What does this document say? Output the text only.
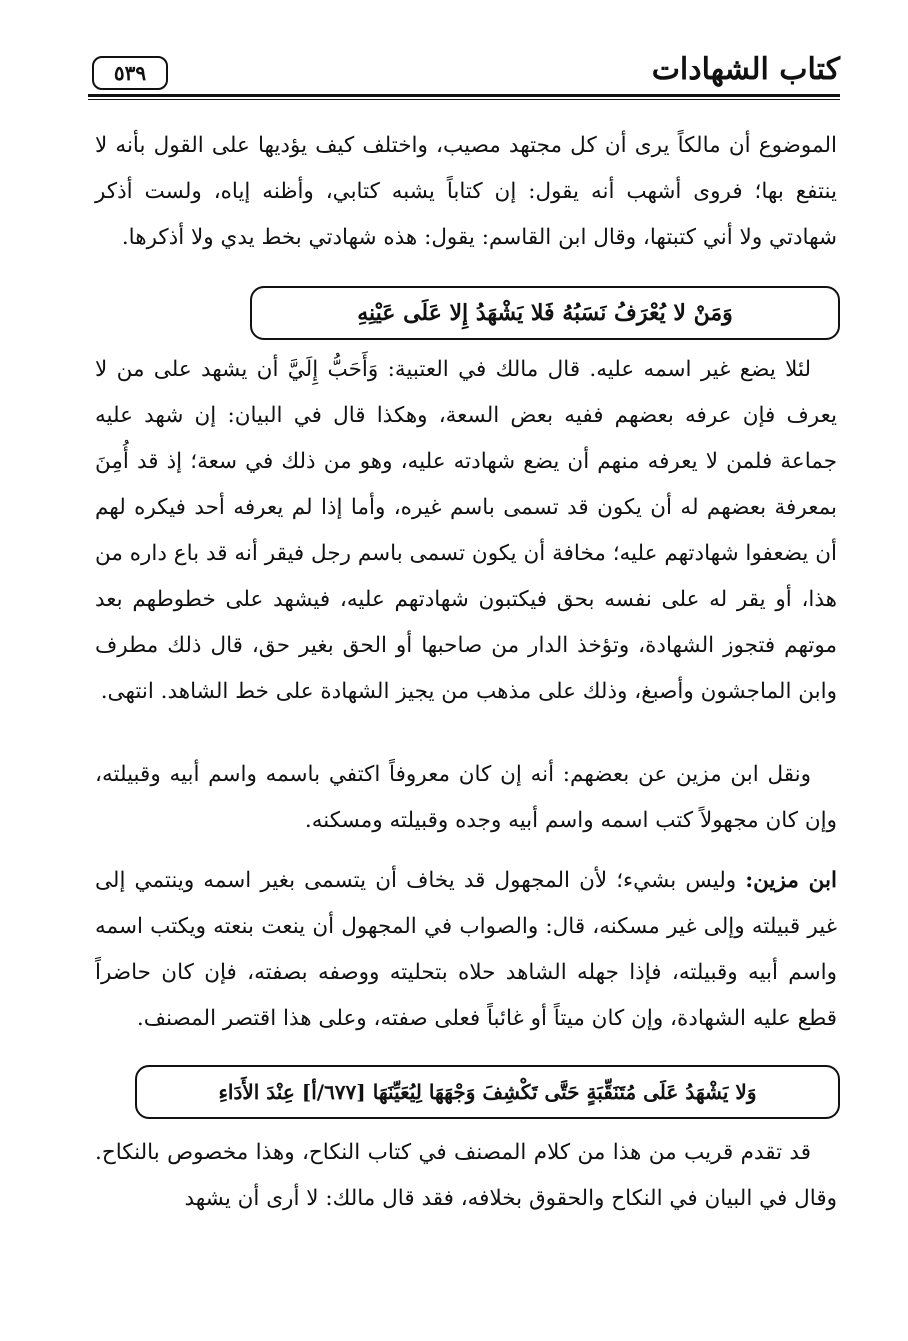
٥٣٩	كتاب الشهادات
الموضوع أن مالكاً يرى أن كل مجتهد مصيب، واختلف كيف يؤديها على القول بأنه لا ينتفع بها؛ فروى أشهب أنه يقول: إن كتاباً يشبه كتابي، وأظنه إياه، ولست أذكر شهادتي ولا أني كتبتها، وقال ابن القاسم: يقول: هذه شهادتي بخط يدي ولا أذكرها.
وَمَنْ لا يُعْرَفُ نَسَبُهُ فَلا يَشْهَدُ إِلا عَلَى عَيْنِهِ
لئلا يضع غير اسمه عليه. قال مالك في العتبية: وَأَحَبُّ إِلَيَّ أن يشهد على من لا يعرف فإن عرفه بعضهم ففيه بعض السعة، وهكذا قال في البيان: إن شهد عليه جماعة فلمن لا يعرفه منهم أن يضع شهادته عليه، وهو من ذلك في سعة؛ إذ قد أُمِنَ بمعرفة بعضهم له أن يكون قد تسمى باسم غيره، وأما إذا لم يعرفه أحد فيكره لهم أن يضعفوا شهادتهم عليه؛ مخافة أن يكون تسمى باسم رجل فيقر أنه قد باع داره من هذا، أو يقر له على نفسه بحق فيكتبون شهادتهم عليه، فيشهد على خطوطهم بعد موتهم فتجوز الشهادة، وتؤخذ الدار من صاحبها أو الحق بغير حق، قال ذلك مطرف وابن الماجشون وأصبغ، وذلك على مذهب من يجيز الشهادة على خط الشاهد. انتهى.
ونقل ابن مزين عن بعضهم: أنه إن كان معروفاً اكتفي باسمه واسم أبيه وقبيلته، وإن كان مجهولاً كتب اسمه واسم أبيه وجده وقبيلته ومسكنه.
ابن مزين: وليس بشيء؛ لأن المجهول قد يخاف أن يتسمى بغير اسمه وينتمي إلى غير قبيلته وإلى غير مسكنه، قال: والصواب في المجهول أن ينعت بنعته ويكتب اسمه واسم أبيه وقبيلته، فإذا جهله الشاهد حلاه بتحليته ووصفه بصفته، فإن كان حاضراً قطع عليه الشهادة، وإن كان ميتاً أو غائباً فعلى صفته، وعلى هذا اقتصر المصنف.
وَلا يَشْهَدُ عَلَى مُتَنَقِّبَةٍ حَتَّى تَكْشِفَ وَجْهَهَا لِيُعَيِّنَهَا [٦٧٧/أ] عِنْدَ الأَدَاءِ
قد تقدم قريب من هذا من كلام المصنف في كتاب النكاح، وهذا مخصوص بالنكاح. وقال في البيان في النكاح والحقوق بخلافه، فقد قال مالك: لا أرى أن يشهد
